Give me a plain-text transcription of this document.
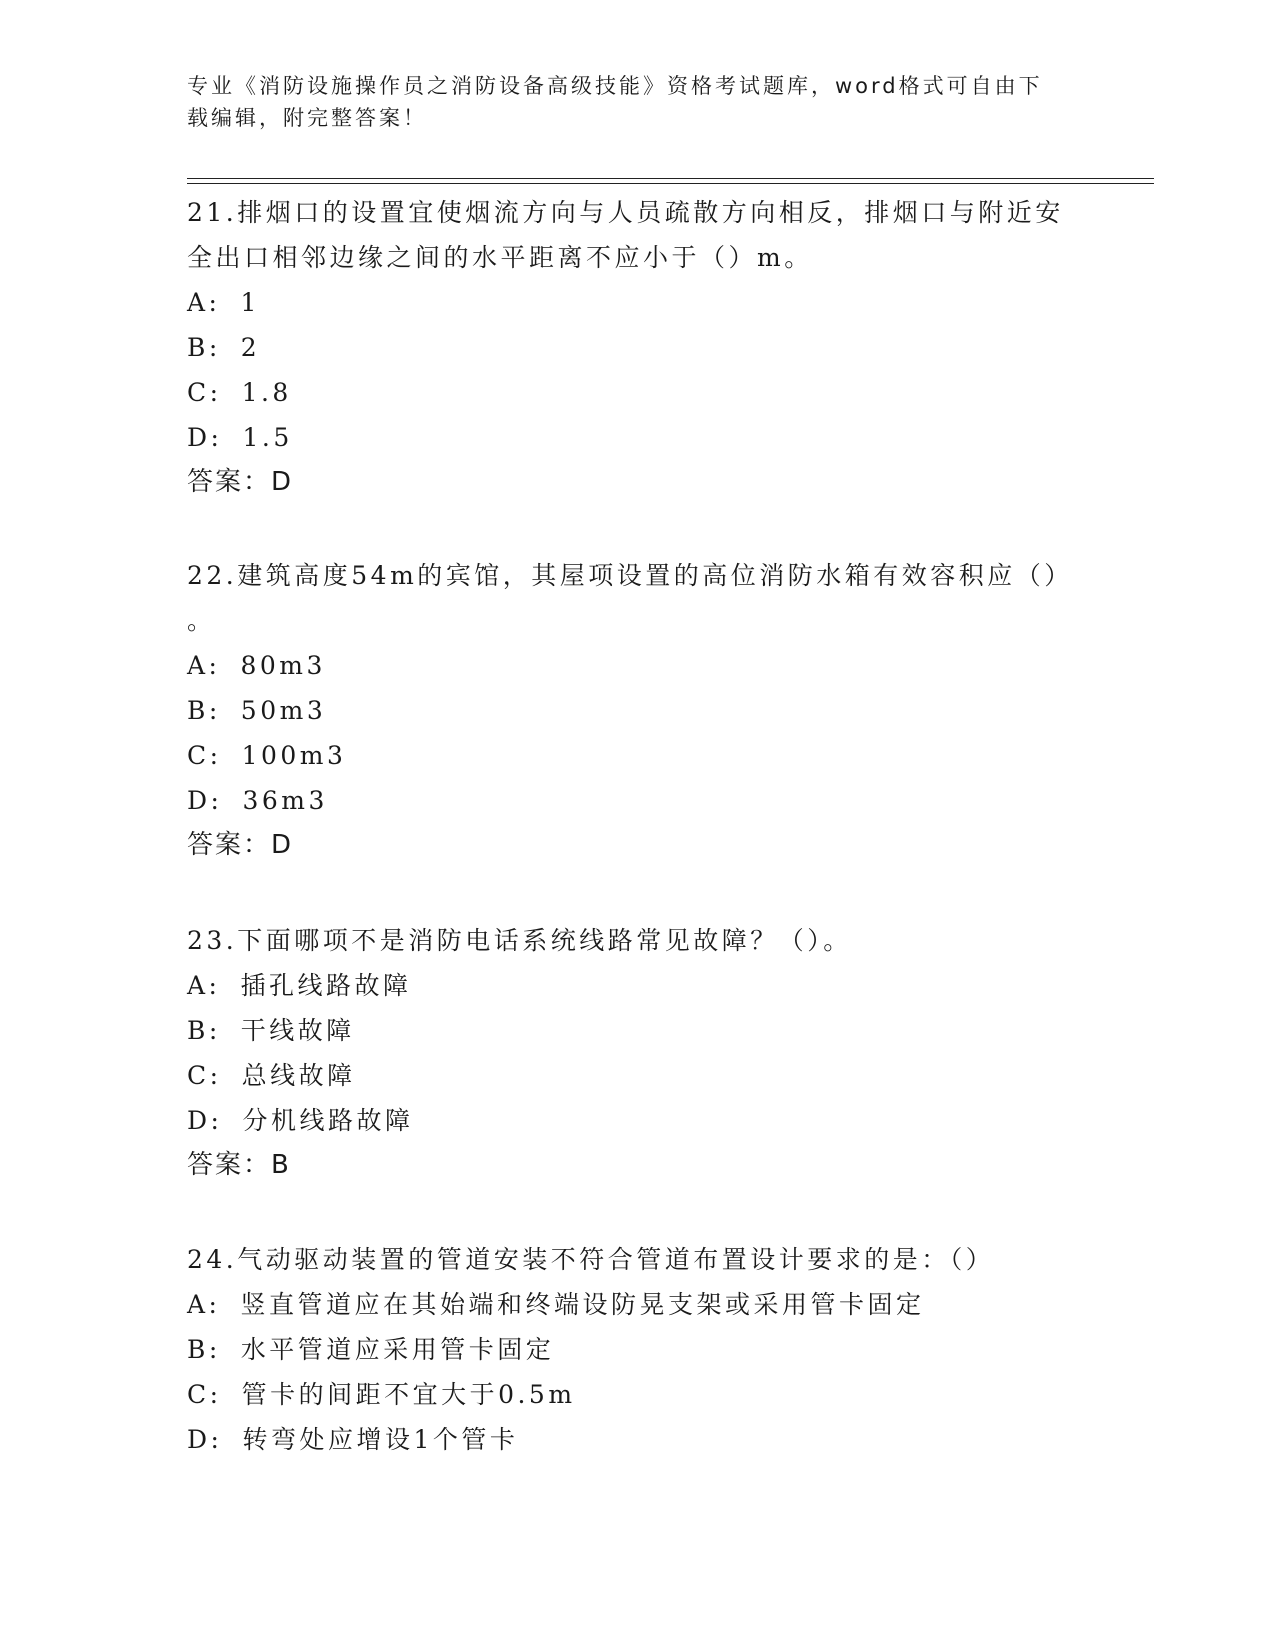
专业《消防设施操作员之消防设备高级技能》资格考试题库，word格式可自由下
载编辑，附完整答案！
21.排烟口的设置宜使烟流方向与人员疏散方向相反，排烟口与附近安
全出口相邻边缘之间的水平距离不应小于（）m。
A: 1
B: 2
C: 1.8
D: 1.5
答案：D
22.建筑高度54m的宾馆，其屋项设置的高位消防水箱有效容积应（）
。
A: 80m3
B: 50m3
C: 100m3
D: 36m3
答案：D
23.下面哪项不是消防电话系统线路常见故障？（）。
A: 插孔线路故障
B: 干线故障
C: 总线故障
D: 分机线路故障
答案：B
24.气动驱动装置的管道安装不符合管道布置设计要求的是：（）
A: 竖直管道应在其始端和终端设防晃支架或采用管卡固定
B: 水平管道应采用管卡固定
C: 管卡的间距不宜大于0.5m
D: 转弯处应增设1个管卡
